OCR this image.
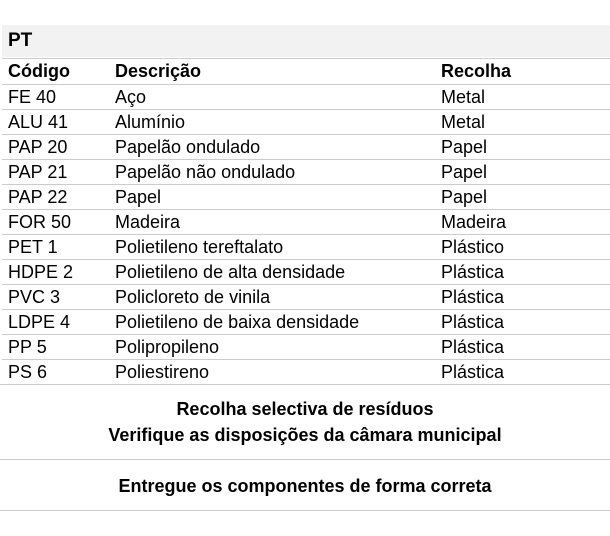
PT
Código	Descrição	Recolha
FE 40	Aço	Metal
ALU 41	Alumínio	Metal
PAP 20	Papelão ondulado	Papel
PAP 21	Papelão não ondulado	Papel
PAP 22	Papel	Papel
FOR 50	Madeira	Madeira
PET 1	Polietileno tereftalato	Plástico
HDPE 2	Polietileno de alta densidade	Plástica
PVC 3	Policloreto de vinila	Plástica
LDPE 4	Polietileno de baixa densidade	Plástica
PP 5	Polipropileno	Plástica
PS 6	Poliestireno	Plástica
Recolha selectiva de resíduos
Verifique as disposições da câmara municipal
Entregue os componentes de forma correta
